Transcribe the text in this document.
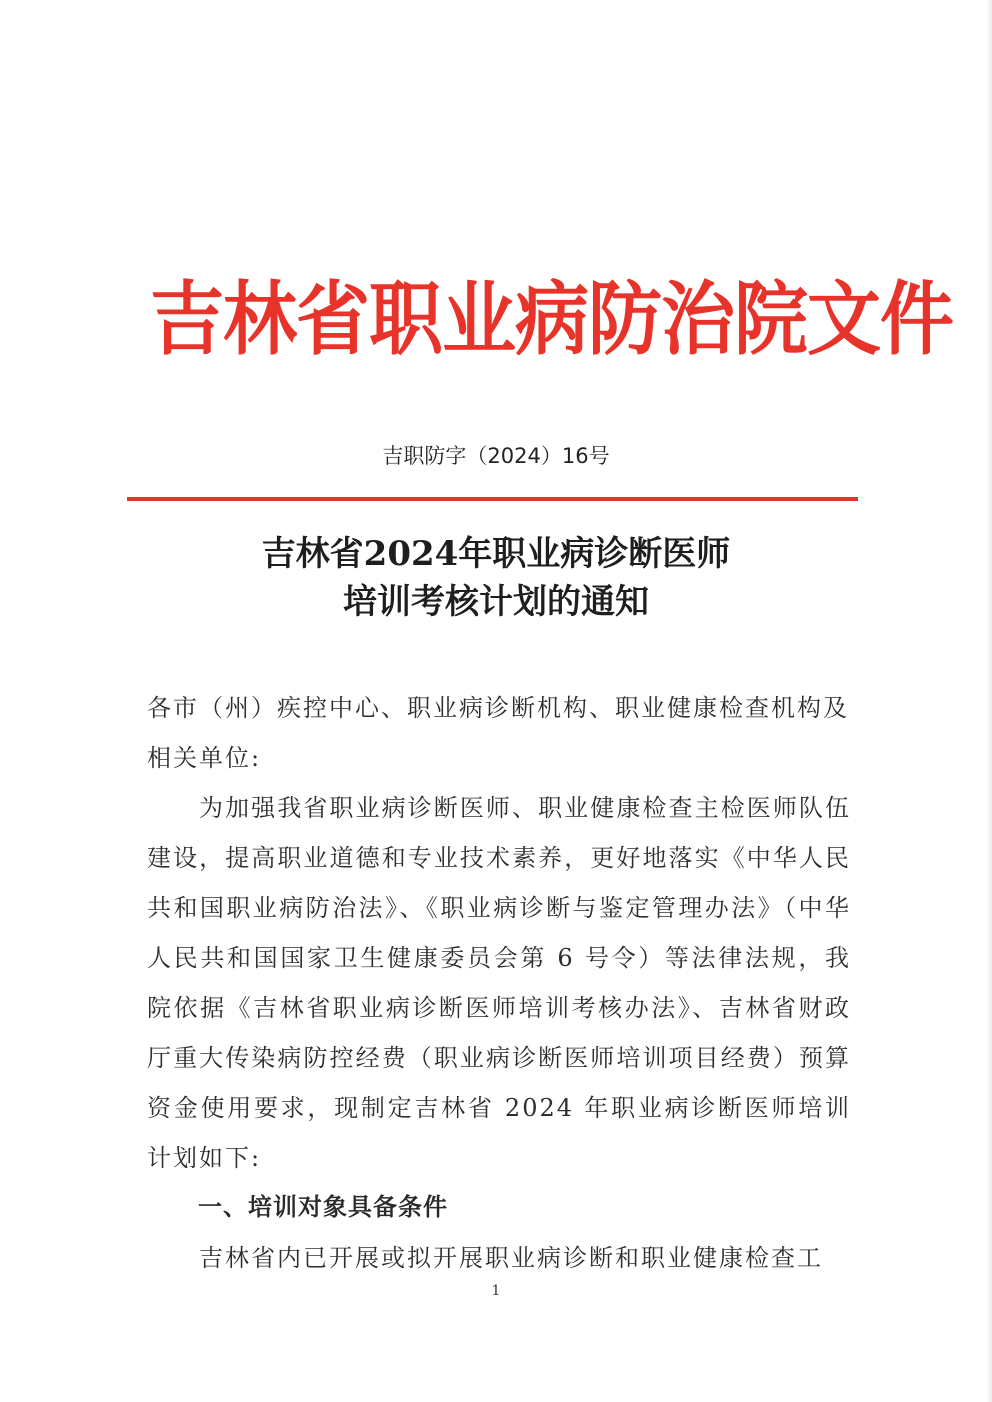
吉林省职业病防治院文件
吉职防字（2024）16号
吉林省2024年职业病诊断医师
培训考核计划的通知
各市（州）疾控中心、职业病诊断机构、职业健康检查机构及相关单位:
为加强我省职业病诊断医师、职业健康检查主检医师队伍建设，提高职业道德和专业技术素养，更好地落实《中华人民共和国职业病防治法》、《职业病诊断与鉴定管理办法》（中华人民共和国国家卫生健康委员会第 6 号令）等法律法规，我院依据《吉林省职业病诊断医师培训考核办法》、吉林省财政厅重大传染病防控经费（职业病诊断医师培训项目经费）预算资金使用要求，现制定吉林省 2024 年职业病诊断医师培训计划如下:
一、培训对象具备条件
吉林省内已开展或拟开展职业病诊断和职业健康检查工
1
